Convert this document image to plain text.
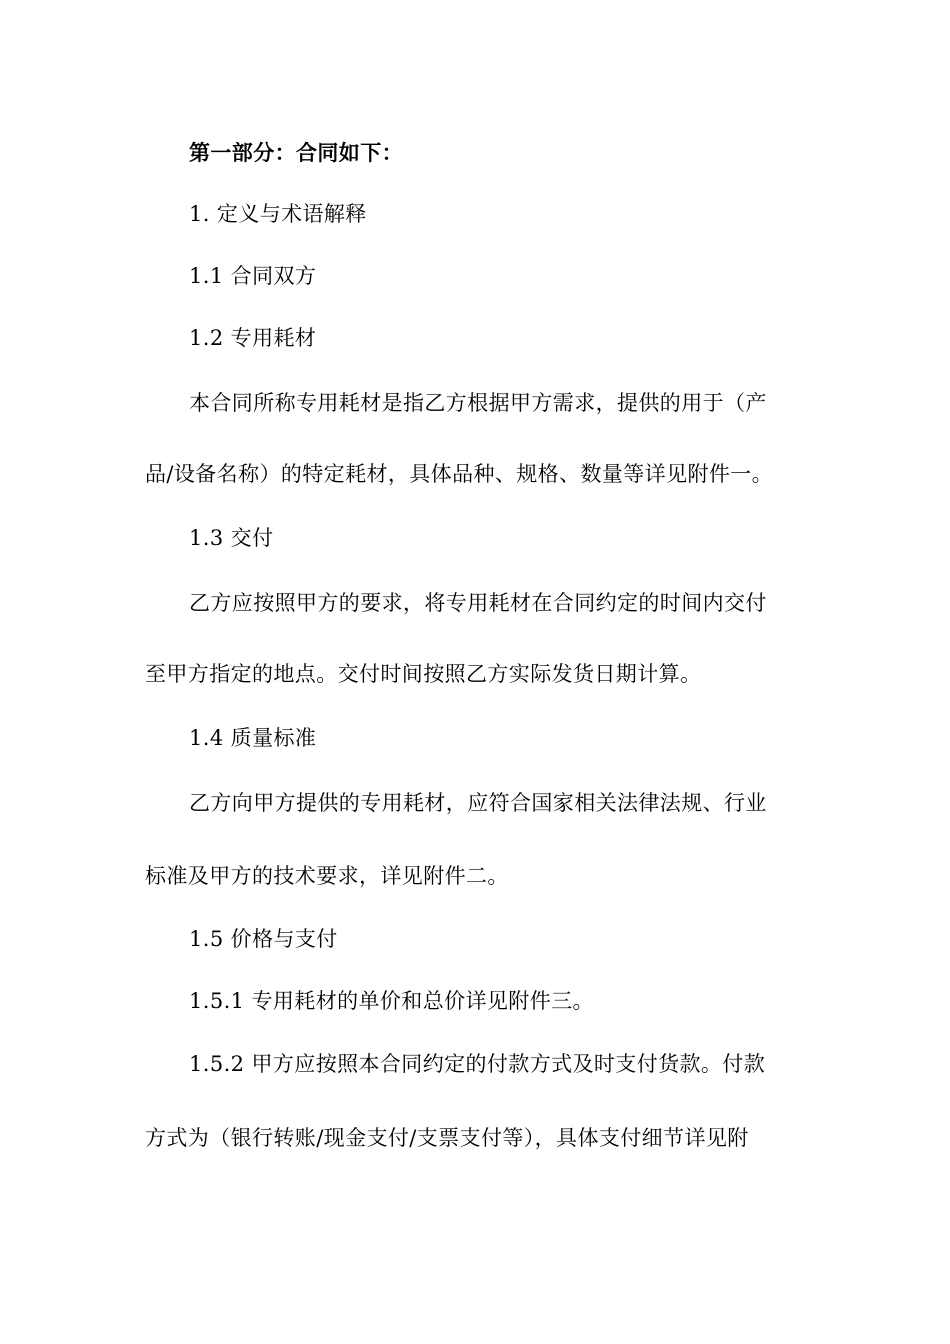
第一部分：合同如下：
1. 定义与术语解释
1.1 合同双方
1.2 专用耗材
本合同所称专用耗材是指乙方根据甲方需求，提供的用于（产
品/设备名称）的特定耗材，具体品种、规格、数量等详见附件一。
1.3 交付
乙方应按照甲方的要求，将专用耗材在合同约定的时间内交付
至甲方指定的地点。交付时间按照乙方实际发货日期计算。
1.4 质量标准
乙方向甲方提供的专用耗材，应符合国家相关法律法规、行业
标准及甲方的技术要求，详见附件二。
1.5 价格与支付
1.5.1 专用耗材的单价和总价详见附件三。
1.5.2 甲方应按照本合同约定的付款方式及时支付货款。付款
方式为（银行转账/现金支付/支票支付等），具体支付细节详见附
